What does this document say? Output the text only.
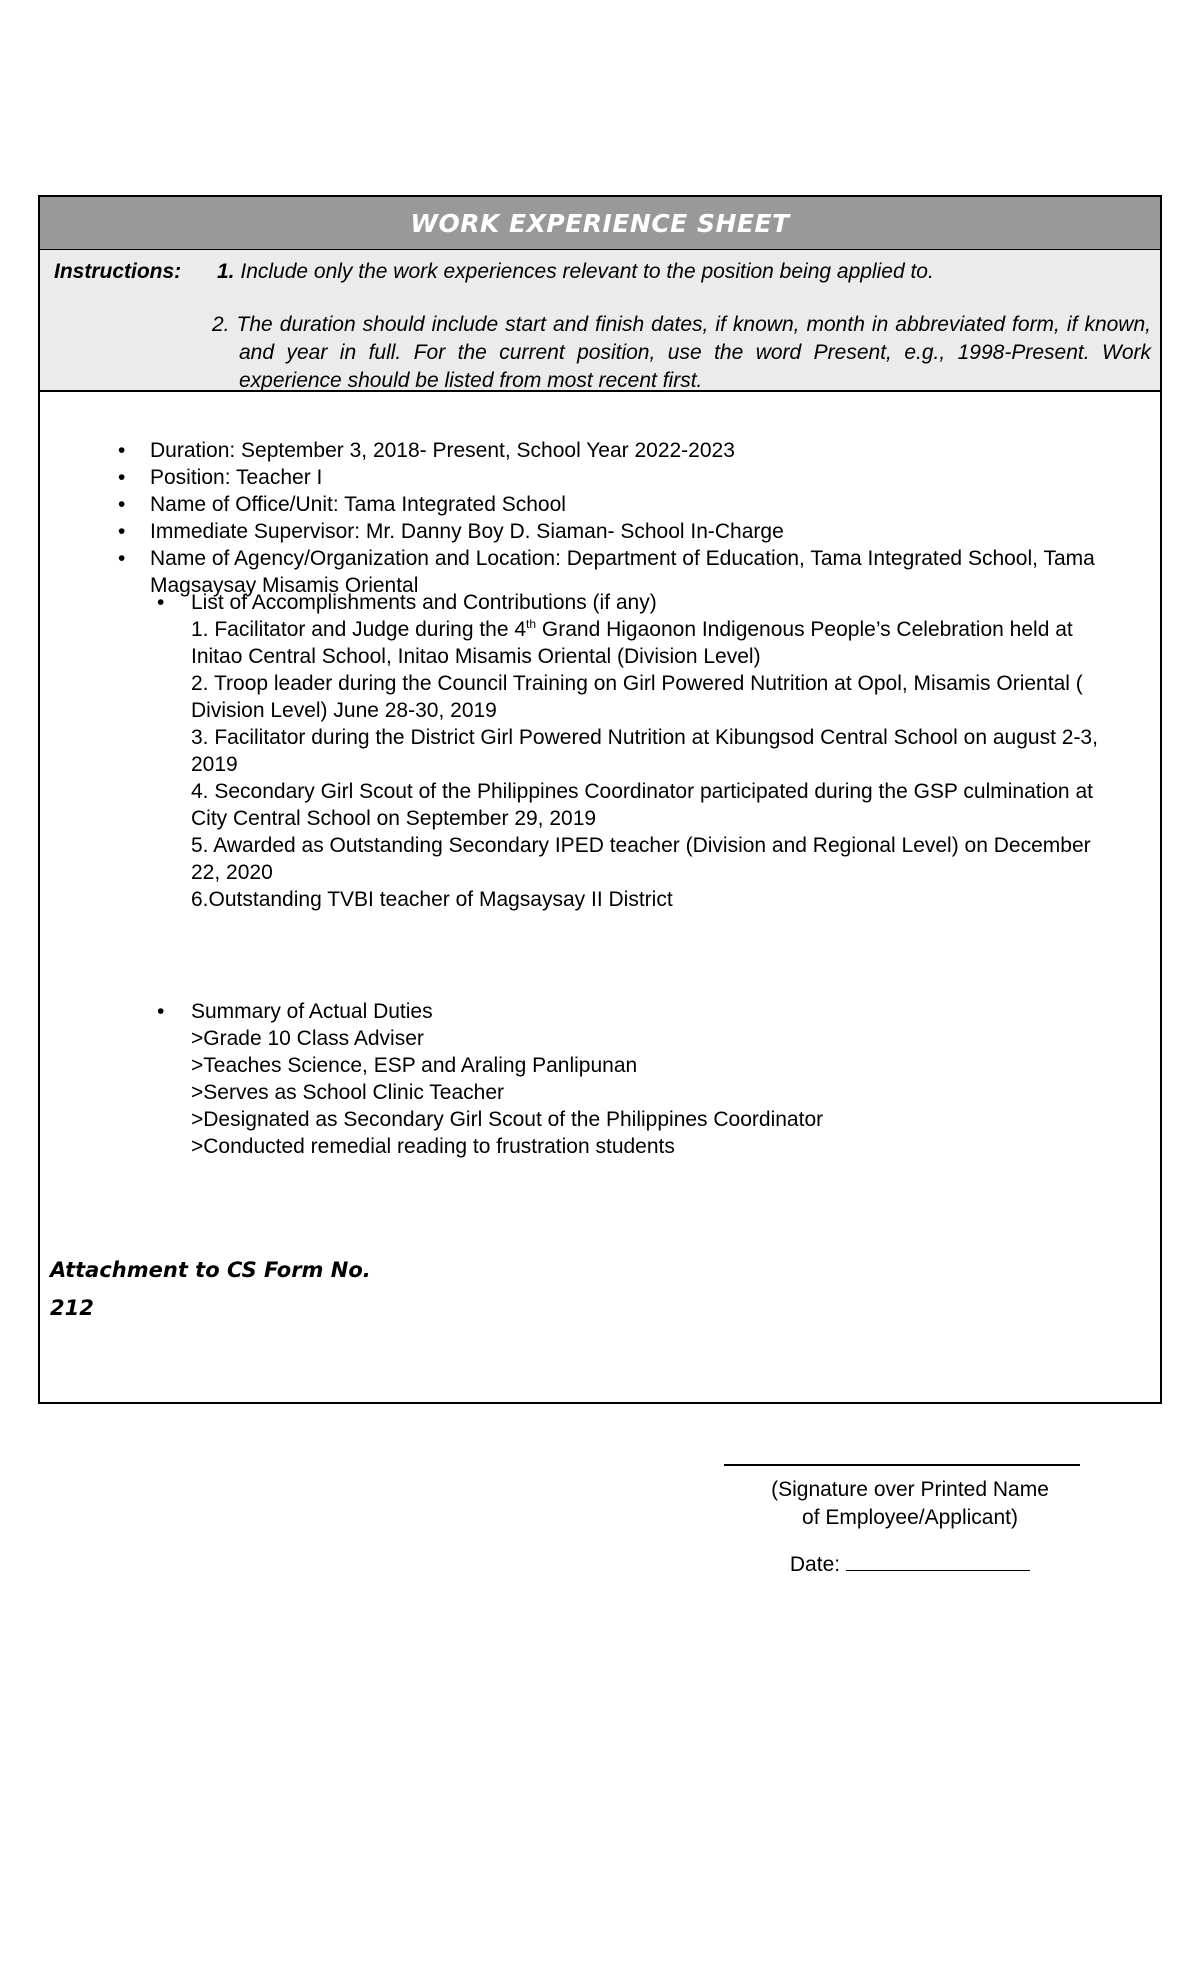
WORK EXPERIENCE SHEET
Instructions: 1. Include only the work experiences relevant to the position being applied to.
2. The duration should include start and finish dates, if known, month in abbreviated form, if known, and year in full. For the current position, use the word Present, e.g., 1998-Present. Work experience should be listed from most recent first.
• Duration: September 3, 2018- Present, School Year 2022-2023
• Position: Teacher I
• Name of Office/Unit: Tama Integrated School
• Immediate Supervisor: Mr. Danny Boy D. Siaman- School In-Charge
• Name of Agency/Organization and Location: Department of Education, Tama Integrated School, Tama Magsaysay Misamis Oriental
• List of Accomplishments and Contributions (if any)
1. Facilitator and Judge during the 4th Grand Higaonon Indigenous People’s Celebration held at Initao Central School, Initao Misamis Oriental (Division Level)
2. Troop leader during the Council Training on Girl Powered Nutrition at Opol, Misamis Oriental ( Division Level) June 28-30, 2019
3. Facilitator during the District Girl Powered Nutrition at Kibungsod Central School on august 2-3, 2019
4. Secondary Girl Scout of the Philippines Coordinator participated during the GSP culmination at City Central School on September 29, 2019
5. Awarded as Outstanding Secondary IPED teacher (Division and Regional Level) on December 22, 2020
6.Outstanding TVBI teacher of Magsaysay II District
• Summary of Actual Duties
>Grade 10 Class Adviser
>Teaches Science, ESP and Araling Panlipunan
>Serves as School Clinic Teacher
>Designated as Secondary Girl Scout of the Philippines Coordinator
>Conducted remedial reading to frustration students
Attachment to CS Form No. 212
(Signature over Printed Name
of Employee/Applicant)
Date:
